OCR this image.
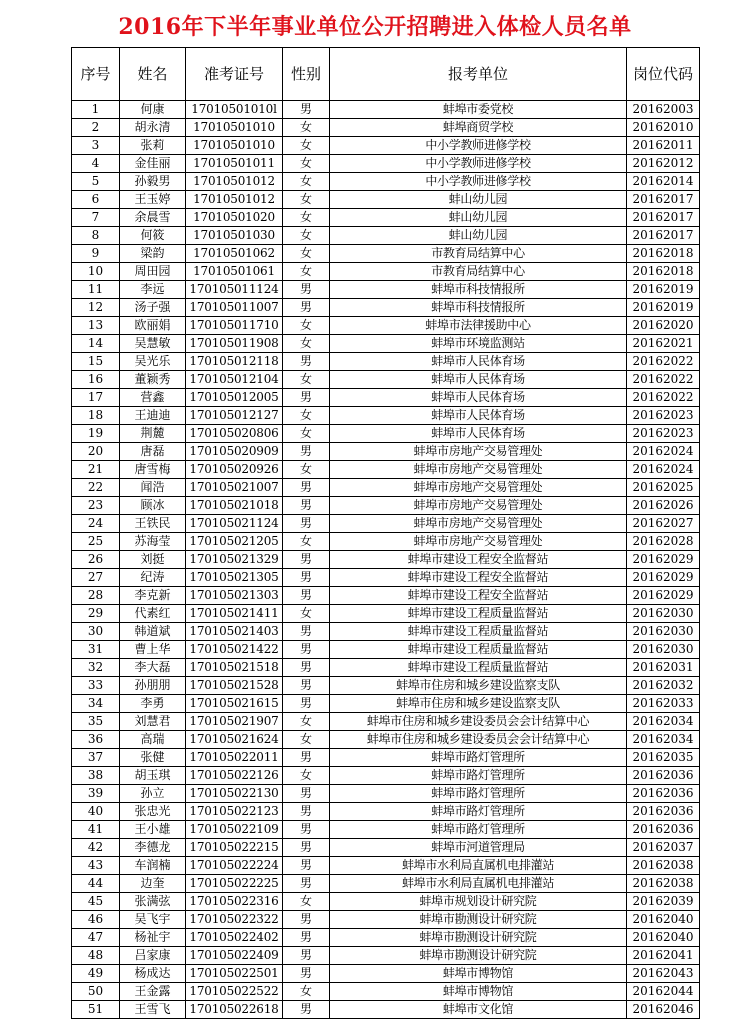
2016年下半年事业单位公开招聘进入体检人员名单
序号	姓名	准考证号	性别	报考单位	岗位代码
1	何康	17010501010l	男	蚌埠市委党校	20162003
2	胡永清	17010501010	女	蚌埠商贸学校	20162010
3	张莉	17010501010	女	中小学教师进修学校	20162011
4	金佳丽	17010501011	女	中小学教师进修学校	20162012
5	孙毅男	17010501012	女	中小学教师进修学校	20162014
6	王玉婷	17010501012	女	蚌山幼儿园	20162017
7	余晨雪	17010501020	女	蚌山幼儿园	20162017
8	何筱	17010501030	女	蚌山幼儿园	20162017
9	梁韵	17010501062	女	市教育局结算中心	20162018
10	周田园	17010501061	女	市教育局结算中心	20162018
11	李远	170105011124	男	蚌埠市科技情报所	20162019
12	汤子强	170105011007	男	蚌埠市科技情报所	20162019
13	欧丽娟	170105011710	女	蚌埠市法律援助中心	20162020
14	吴慧敏	170105011908	女	蚌埠市环境监测站	20162021
15	吴光乐	170105012118	男	蚌埠市人民体育场	20162022
16	董颖秀	170105012104	女	蚌埠市人民体育场	20162022
17	营鑫	170105012005	男	蚌埠市人民体育场	20162022
18	王迪迪	170105012127	女	蚌埠市人民体育场	20162023
19	荆麓	170105020806	女	蚌埠市人民体育场	20162023
20	唐磊	170105020909	男	蚌埠市房地产交易管理处	20162024
21	唐雪梅	170105020926	女	蚌埠市房地产交易管理处	20162024
22	闻浩	170105021007	男	蚌埠市房地产交易管理处	20162025
23	顾冰	170105021018	男	蚌埠市房地产交易管理处	20162026
24	王铁民	170105021124	男	蚌埠市房地产交易管理处	20162027
25	苏海莹	170105021205	女	蚌埠市房地产交易管理处	20162028
26	刘挺	170105021329	男	蚌埠市建设工程安全监督站	20162029
27	纪涛	170105021305	男	蚌埠市建设工程安全监督站	20162029
28	李克新	170105021303	男	蚌埠市建设工程安全监督站	20162029
29	代素红	170105021411	女	蚌埠市建设工程质量监督站	20162030
30	韩道斌	170105021403	男	蚌埠市建设工程质量监督站	20162030
31	曹上华	170105021422	男	蚌埠市建设工程质量监督站	20162030
32	李大磊	170105021518	男	蚌埠市建设工程质量监督站	20162031
33	孙朋朋	170105021528	男	蚌埠市住房和城乡建设监察支队	20162032
34	李勇	170105021615	男	蚌埠市住房和城乡建设监察支队	20162033
35	刘慧君	170105021907	女	蚌埠市住房和城乡建设委员会会计结算中心	20162034
36	高瑞	170105021624	女	蚌埠市住房和城乡建设委员会会计结算中心	20162034
37	张健	170105022011	男	蚌埠市路灯管理所	20162035
38	胡玉琪	170105022126	女	蚌埠市路灯管理所	20162036
39	孙立	170105022130	男	蚌埠市路灯管理所	20162036
40	张忠光	170105022123	男	蚌埠市路灯管理所	20162036
41	王小雄	170105022109	男	蚌埠市路灯管理所	20162036
42	李德龙	170105022215	男	蚌埠市河道管理局	20162037
43	车润楠	170105022224	男	蚌埠市水利局直属机电排灌站	20162038
44	边奎	170105022225	男	蚌埠市水利局直属机电排灌站	20162038
45	张满弦	170105022316	女	蚌埠市规划设计研究院	20162039
46	吴飞宇	170105022322	男	蚌埠市勘测设计研究院	20162040
47	杨祉宇	170105022402	男	蚌埠市勘测设计研究院	20162040
48	吕家康	170105022409	男	蚌埠市勘测设计研究院	20162041
49	杨成达	170105022501	男	蚌埠市博物馆	20162043
50	王金露	170105022522	女	蚌埠市博物馆	20162044
51	王雪飞	170105022618	男	蚌埠市文化馆	20162046
